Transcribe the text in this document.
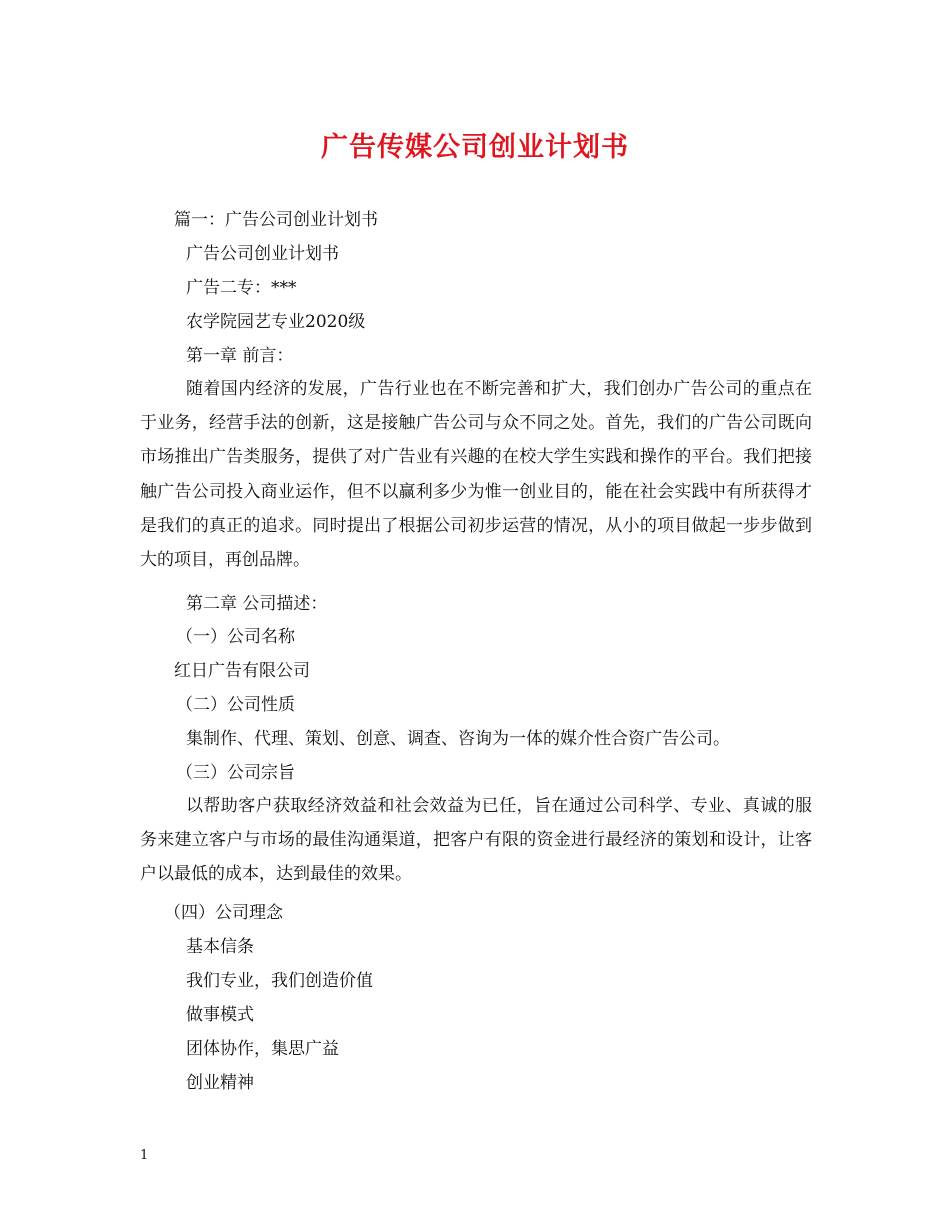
广告传媒公司创业计划书
篇一：广告公司创业计划书
广告公司创业计划书
广告二专：***
农学院园艺专业2020级
第一章 前言：
随着国内经济的发展，广告行业也在不断完善和扩大，我们创办广告公司的重点在于业务，经营手法的创新，这是接触广告公司与众不同之处。首先，我们的广告公司既向市场推出广告类服务，提供了对广告业有兴趣的在校大学生实践和操作的平台。我们把接触广告公司投入商业运作，但不以赢利多少为惟一创业目的，能在社会实践中有所获得才是我们的真正的追求。同时提出了根据公司初步运营的情况，从小的项目做起一步步做到大的项目，再创品牌。
第二章 公司描述：
（一）公司名称
红日广告有限公司
（二）公司性质
集制作、代理、策划、创意、调查、咨询为一体的媒介性合资广告公司。
（三）公司宗旨
以帮助客户获取经济效益和社会效益为已任，旨在通过公司科学、专业、真诚的服务来建立客户与市场的最佳沟通渠道，把客户有限的资金进行最经济的策划和设计，让客户以最低的成本，达到最佳的效果。
（四）公司理念
基本信条
我们专业，我们创造价值
做事模式
团体协作，集思广益
创业精神
1
